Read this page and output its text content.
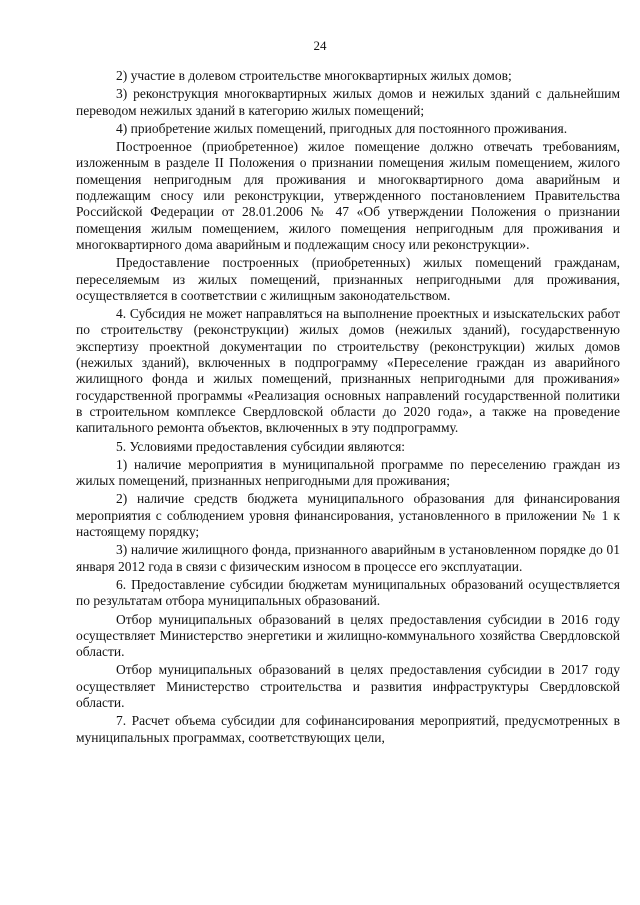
24

2) участие в долевом строительстве многоквартирных жилых домов;

3) реконструкция многоквартирных жилых домов и нежилых зданий с дальнейшим переводом нежилых зданий в категорию жилых помещений;

4) приобретение жилых помещений, пригодных для постоянного проживания.

Построенное (приобретенное) жилое помещение должно отвечать требованиям, изложенным в разделе II Положения о признании помещения жилым помещением, жилого помещения непригодным для проживания и многоквартирного дома аварийным и подлежащим сносу или реконструкции, утвержденного постановлением Правительства Российской Федерации от 28.01.2006 № 47 «Об утверждении Положения о признании помещения жилым помещением, жилого помещения непригодным для проживания и многоквартирного дома аварийным и подлежащим сносу или реконструкции».

Предоставление построенных (приобретенных) жилых помещений гражданам, переселяемым из жилых помещений, признанных непригодными для проживания, осуществляется в соответствии с жилищным законодательством.

4. Субсидия не может направляться на выполнение проектных и изыскательских работ по строительству (реконструкции) жилых домов (нежилых зданий), государственную экспертизу проектной документации по строительству (реконструкции) жилых домов (нежилых зданий), включенных в подпрограмму «Переселение граждан из аварийного жилищного фонда и жилых помещений, признанных непригодными для проживания» государственной программы «Реализация основных направлений государственной политики в строительном комплексе Свердловской области до 2020 года», а также на проведение капитального ремонта объектов, включенных в эту подпрограмму.

5. Условиями предоставления субсидии являются:

1) наличие мероприятия в муниципальной программе по переселению граждан из жилых помещений, признанных непригодными для проживания;

2) наличие средств бюджета муниципального образования для финансирования мероприятия с соблюдением уровня финансирования, установленного в приложении № 1 к настоящему порядку;

3) наличие жилищного фонда, признанного аварийным в установленном порядке до 01 января 2012 года в связи с физическим износом в процессе его эксплуатации.

6. Предоставление субсидии бюджетам муниципальных образований осуществляется по результатам отбора муниципальных образований.

Отбор муниципальных образований в целях предоставления субсидии в 2016 году осуществляет Министерство энергетики и жилищно-коммунального хозяйства Свердловской области.

Отбор муниципальных образований в целях предоставления субсидии в 2017 году осуществляет Министерство строительства и развития инфраструктуры Свердловской области.

7. Расчет объема субсидии для софинансирования мероприятий, предусмотренных в муниципальных программах, соответствующих цели,
